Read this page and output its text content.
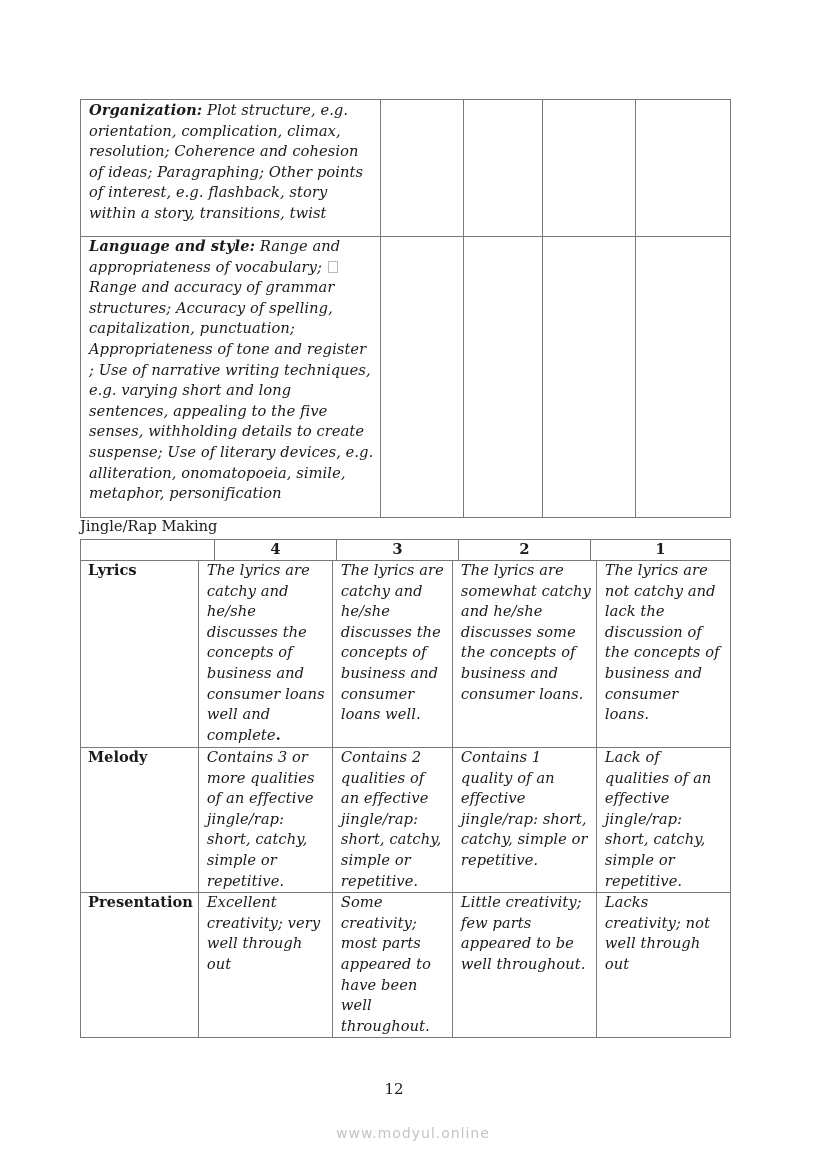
Organization: Plot structure, e.g. orientation, complication, climax, resolution; Coherence and cohesion of ideas; Paragraphing; Other points of interest, e.g. flashback, story within a story, transitions, twist				

Language and style: Range and appropriateness of vocabulary; Range and accuracy of grammar structures; Accuracy of spelling, capitalization, punctuation; Appropriateness of tone and register ; Use of narrative writing techniques, e.g. varying short and long sentences, appealing to the five senses, withholding details to create suspense; Use of literary devices, e.g. alliteration, onomatopoeia, simile, metaphor, personification				

Jingle/Rap Making
	4	3	2	1
Lyrics	The lyrics are catchy and he/she discusses the concepts of business and consumer loans well and complete.	The lyrics are catchy and he/she discusses the concepts of business and consumer loans well.	The lyrics are somewhat catchy and he/she discusses some the concepts of business and consumer loans.	The lyrics are not catchy and lack the discussion of the concepts of business and consumer loans.

Melody	Contains 3 or more qualities of an effective jingle/rap: short, catchy, simple or repetitive.	Contains 2 qualities of an effective jingle/rap: short, catchy, simple or repetitive.	Contains 1 quality of an effective jingle/rap: short, catchy, simple or repetitive.	Lack of qualities of an effective jingle/rap: short, catchy, simple or repetitive.

Presentation	Excellent creativity; very well through out	Some creativity; most parts appeared to have been well throughout.	Little creativity; few parts appeared to be well throughout.	Lacks creativity; not well through out
12
www.modyul.online
